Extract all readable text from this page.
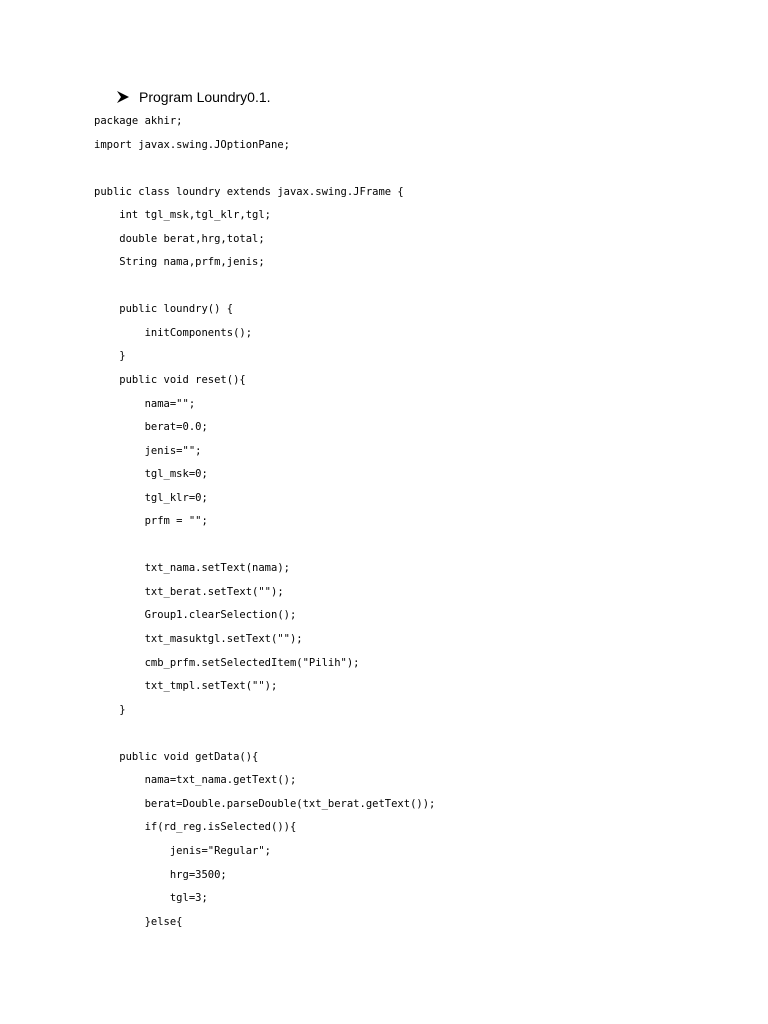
Program Loundry0.1.
package akhir;
import javax.swing.JOptionPane;
public class loundry extends javax.swing.JFrame {
int tgl_msk,tgl_klr,tgl;
double berat,hrg,total;
String nama,prfm,jenis;
public loundry() {
initComponents();
}
public void reset(){
nama="";
berat=0.0;
jenis="";
tgl_msk=0;
tgl_klr=0;
prfm = "";
txt_nama.setText(nama);
txt_berat.setText("");
Group1.clearSelection();
txt_masuktgl.setText("");
cmb_prfm.setSelectedItem("Pilih");
txt_tmpl.setText("");
}
public void getData(){
nama=txt_nama.getText();
berat=Double.parseDouble(txt_berat.getText());
if(rd_reg.isSelected()){
jenis="Regular";
hrg=3500;
tgl=3;
}else{
